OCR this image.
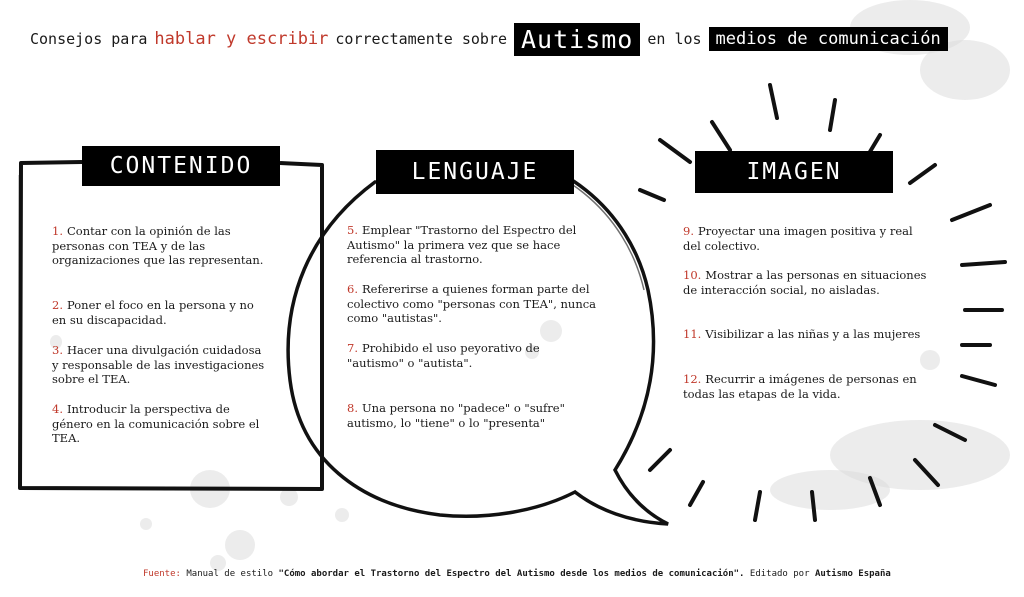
Consejos para hablar y escribir correctamente sobre Autismo en los medios de comunicación
CONTENIDO	LENGUAJE	IMAGEN
1. Contar con la opinión de las personas con TEA y de las organizaciones que las representan.
2. Poner el foco en la persona y no en su discapacidad.
3. Hacer una divulgación cuidadosa y responsable de las investigaciones sobre el TEA.
4. Introducir la perspectiva de género en la comunicación sobre el TEA.
5. Emplear "Trastorno del Espectro del Autismo" la primera vez que se hace referencia al trastorno.
6. Refererirse a quienes forman parte del colectivo como "personas con TEA", nunca como "autistas".
7. Prohibido el uso peyorativo de "autismo" o "autista".
8. Una persona no "padece" o "sufre" autismo, lo "tiene" o lo "presenta"
9. Proyectar una imagen positiva y real del colectivo.
10. Mostrar a las personas en situaciones de interacción social, no aisladas.
11. Visibilizar a las niñas y a las mujeres
12. Recurrir a imágenes de personas en todas las etapas de la vida.
Fuente: Manual de estilo "Cómo abordar el Trastorno del Espectro del Autismo desde los medios de comunicación". Editado por Autismo España
